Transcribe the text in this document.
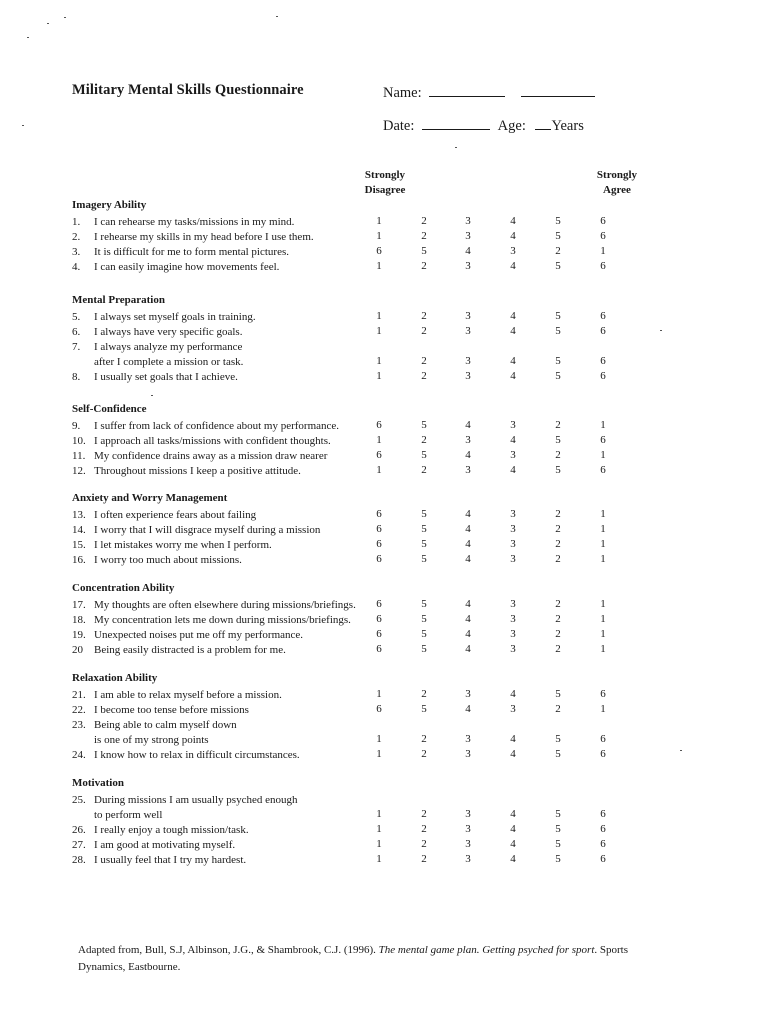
Military Mental Skills Questionnaire	Name:
Date:	Age: Years
Strongly
Disagree
Strongly
Agree
Imagery Ability
1. I can rehearse my tasks/missions in my mind.	1	2	3	4	5	6
2. I rehearse my skills in my head before I use them.	1	2	3	4	5	6
3. It is difficult for me to form mental pictures.	6	5	4	3	2	1
4. I can easily imagine how movements feel.	1	2	3	4	5	6
Mental Preparation
5. I always set myself goals in training.	1	2	3	4	5	6
6. I always have very specific goals.	1	2	3	4	5	6
7. I always analyze my performance
after I complete a mission or task.	1	2	3	4	5	6
8. I usually set goals that I achieve.	1	2	3	4	5	6
Self-Confidence
9. I suffer from lack of confidence about my performance.	6	5	4	3	2	1
10. I approach all tasks/missions with confident thoughts.	1	2	3	4	5	6
11. My confidence drains away as a mission draw nearer	6	5	4	3	2	1
12. Throughout missions I keep a positive attitude.	1	2	3	4	5	6
Anxiety and Worry Management
13. I often experience fears about failing	6	5	4	3	2	1
14. I worry that I will disgrace myself during a mission	6	5	4	3	2	1
15. I let mistakes worry me when I perform.	6	5	4	3	2	1
16. I worry too much about missions.	6	5	4	3	2	1
Concentration Ability
17. My thoughts are often elsewhere during missions/briefings.	6	5	4	3	2	1
18. My concentration lets me down during missions/briefings.	6	5	4	3	2	1
19. Unexpected noises put me off my performance.	6	5	4	3	2	1
20 Being easily distracted is a problem for me.	6	5	4	3	2	1
Relaxation Ability
21. I am able to relax myself before a mission.	1	2	3	4	5	6
22. I become too tense before missions	6	5	4	3	2	1
23. Being able to calm myself down
is one of my strong points	1	2	3	4	5	6
24. I know how to relax in difficult circumstances.	1	2	3	4	5	6
Motivation
25. During missions I am usually psyched enough
to perform well	1	2	3	4	5	6
26. I really enjoy a tough mission/task.	1	2	3	4	5	6
27. I am good at motivating myself.	1	2	3	4	5	6
28. I usually feel that I try my hardest.	1	2	3	4	5	6
Adapted from, Bull, S.J, Albinson, J.G., & Shambrook, C.J. (1996). The mental game plan. Getting psyched for sport. Sports Dynamics, Eastbourne.
